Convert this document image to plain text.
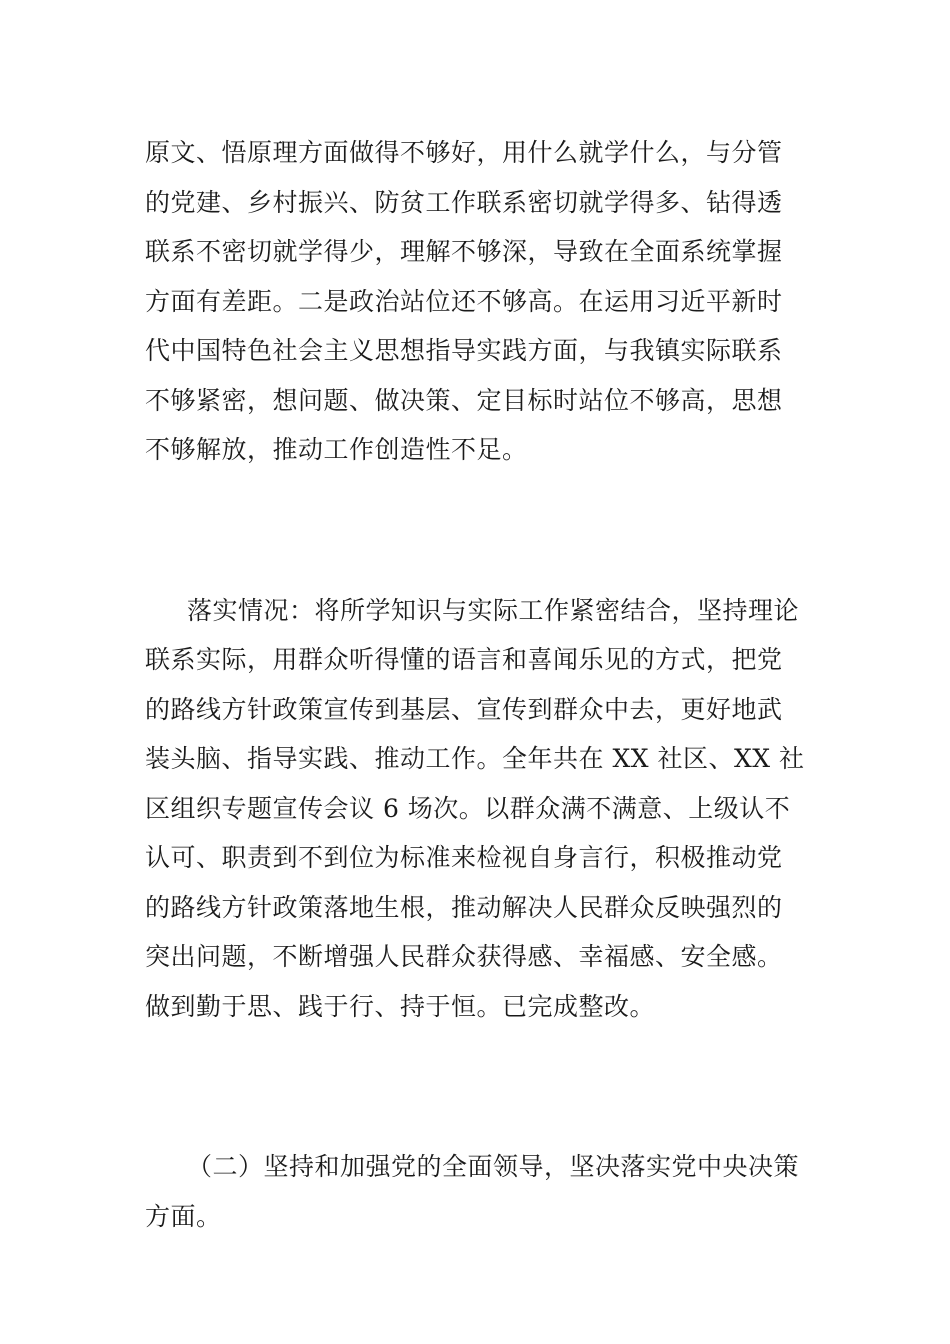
原文、悟原理方面做得不够好，用什么就学什么，与分管
的党建、乡村振兴、防贫工作联系密切就学得多、钻得透
联系不密切就学得少，理解不够深，导致在全面系统掌握
方面有差距。二是政治站位还不够高。在运用习近平新时
代中国特色社会主义思想指导实践方面，与我镇实际联系
不够紧密，想问题、做决策、定目标时站位不够高，思想
不够解放，推动工作创造性不足。
落实情况：将所学知识与实际工作紧密结合，坚持理论
联系实际，用群众听得懂的语言和喜闻乐见的方式，把党
的路线方针政策宣传到基层、宣传到群众中去，更好地武
装头脑、指导实践、推动工作。全年共在 XX 社区、XX 社
区组织专题宣传会议 6 场次。以群众满不满意、上级认不
认可、职责到不到位为标准来检视自身言行，积极推动党
的路线方针政策落地生根，推动解决人民群众反映强烈的
突出问题，不断增强人民群众获得感、幸福感、安全感。
做到勤于思、践于行、持于恒。已完成整改。
（二）坚持和加强党的全面领导，坚决落实党中央决策
方面。
